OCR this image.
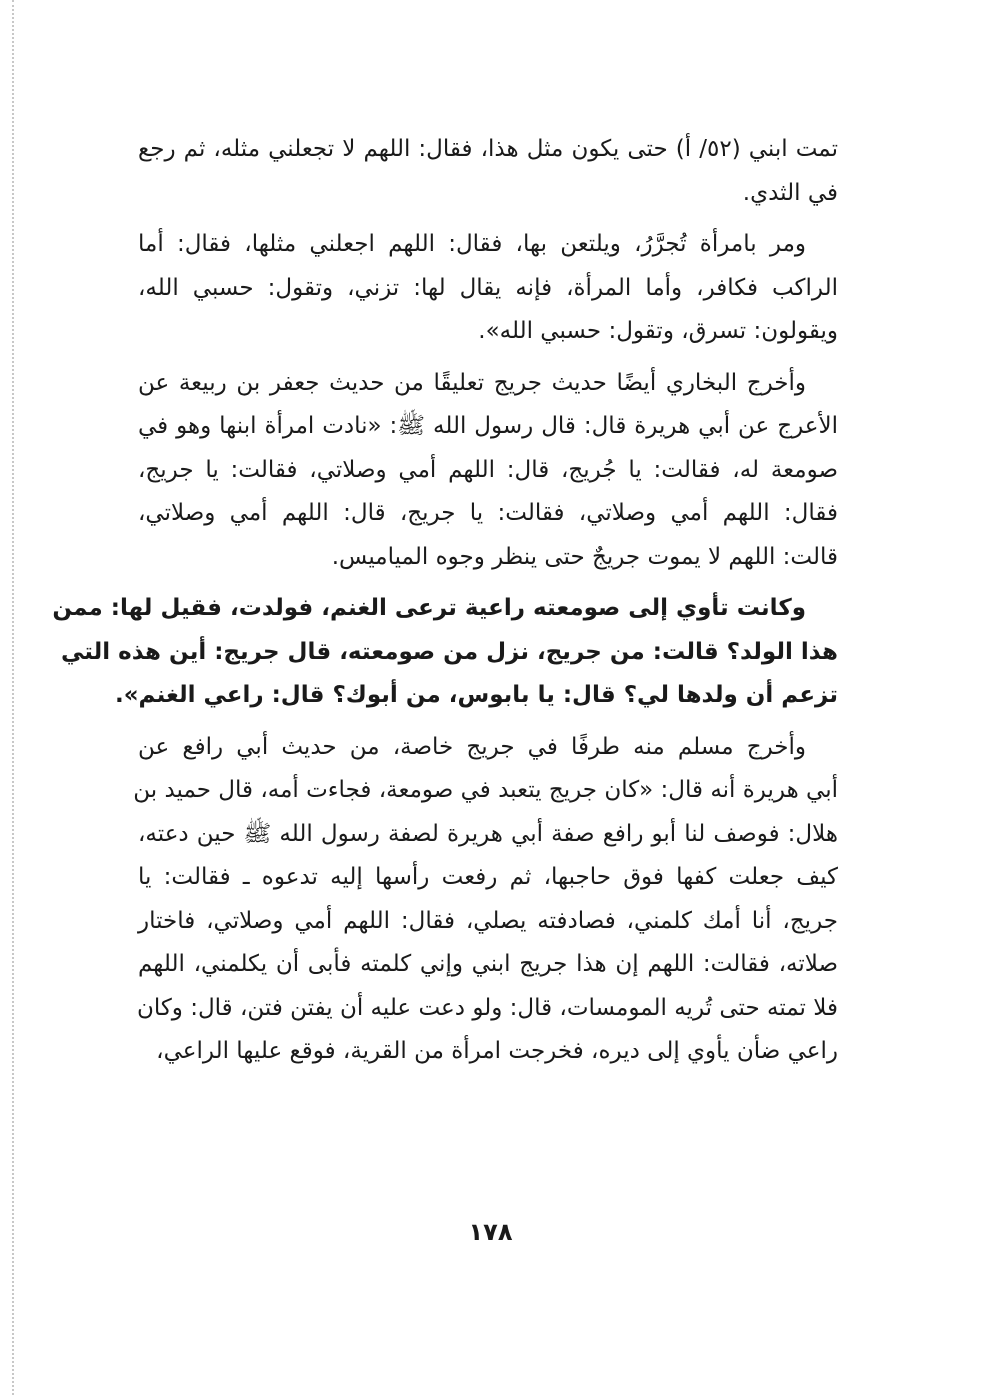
تمت ابني (٥٢/ أ) حتى يكون مثل هذا، فقال: اللهم لا تجعلني مثله، ثم رجع
في الثدي.
ومر بامرأة تُجرَّرُ، ويلتعن بها، فقال: اللهم اجعلني مثلها، فقال: أما
الراكب فكافر، وأما المرأة، فإنه يقال لها: تزني، وتقول: حسبي الله،
ويقولون: تسرق، وتقول: حسبي الله».
وأخرج البخاري أيضًا حديث جريج تعليقًا من حديث جعفر بن ربيعة عن
الأعرج عن أبي هريرة قال: قال رسول الله ﷺ: «نادت امرأة ابنها وهو في
صومعة له، فقالت: يا جُريج، قال: اللهم أمي وصلاتي، فقالت: يا جريج،
فقال: اللهم أمي وصلاتي، فقالت: يا جريج، قال: اللهم أمي وصلاتي،
قالت: اللهم لا يموت جريجٌ حتى ينظر وجوه المياميس.
وكانت تأوي إلى صومعته راعية ترعى الغنم، فولدت، فقيل لها: ممن
هذا الولد؟ قالت: من جريج، نزل من صومعته، قال جريج: أين هذه التي
تزعم أن ولدها لي؟ قال: يا بابوس، من أبوك؟ قال: راعي الغنم».
وأخرج مسلم منه طرفًا في جريج خاصة، من حديث أبي رافع عن
أبي هريرة أنه قال: «كان جريج يتعبد في صومعة، فجاءت أمه، قال حميد بن
هلال: فوصف لنا أبو رافع صفة أبي هريرة لصفة رسول الله ﷺ حين دعته،
كيف جعلت كفها فوق حاجبها، ثم رفعت رأسها إليه تدعوه ـ فقالت: يا
جريج، أنا أمك كلمني، فصادفته يصلي، فقال: اللهم أمي وصلاتي، فاختار
صلاته، فقالت: اللهم إن هذا جريج ابني وإني كلمته فأبى أن يكلمني، اللهم
فلا تمته حتى تُريه المومسات، قال: ولو دعت عليه أن يفتن فتن، قال: وكان
راعي ضأن يأوي إلى ديره، فخرجت امرأة من القرية، فوقع عليها الراعي،
١٧٨
